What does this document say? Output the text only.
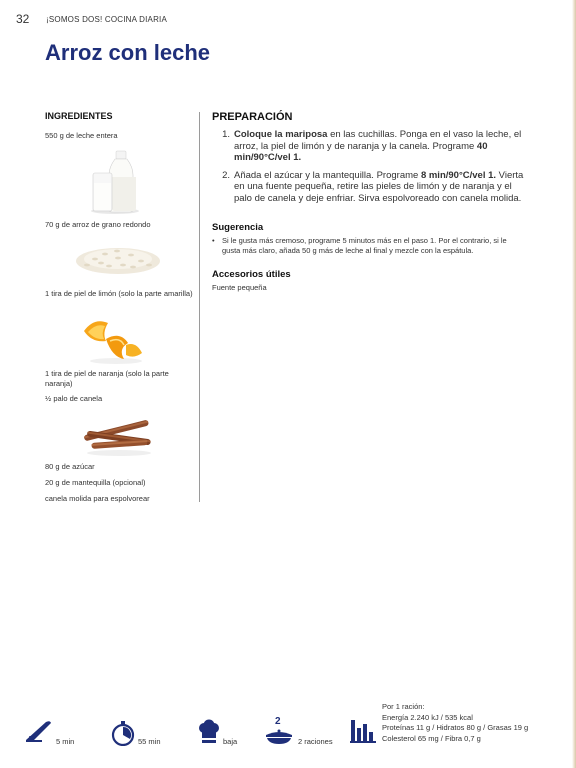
32 ¡SOMOS DOS! COCINA DIARIA
Arroz con leche
INGREDIENTES
550 g de leche entera
70 g de arroz de grano redondo
1 tira de piel de limón (solo la parte amarilla)
1 tira de piel de naranja (solo la parte naranja)
½ palo de canela
80 g de azúcar
20 g de mantequilla (opcional)
canela molida para espolvorear
PREPARACIÓN
1. Coloque la mariposa en las cuchillas. Ponga en el vaso la leche, el arroz, la piel de limón y de naranja y la canela. Programe 40 min/90°C/vel 1.
2. Añada el azúcar y la mantequilla. Programe 8 min/90°C/vel 1. Vierta en una fuente pequeña, retire las pieles de limón y de naranja y el palo de canela y deje enfriar. Sirva espolvoreado con canela molida.
Sugerencia
• Si le gusta más cremoso, programe 5 minutos más en el paso 1. Por el contrario, si le gusta más claro, añada 50 g más de leche al final y mezcle con la espátula.
Accesorios útiles
Fuente pequeña
5 min	55 min	baja
2
2 raciones
Por 1 ración:
Energía 2.240 kJ / 535 kcal
Proteínas 11 g / Hidratos 80 g / Grasas 19 g
Colesterol 65 mg / Fibra 0,7 g
